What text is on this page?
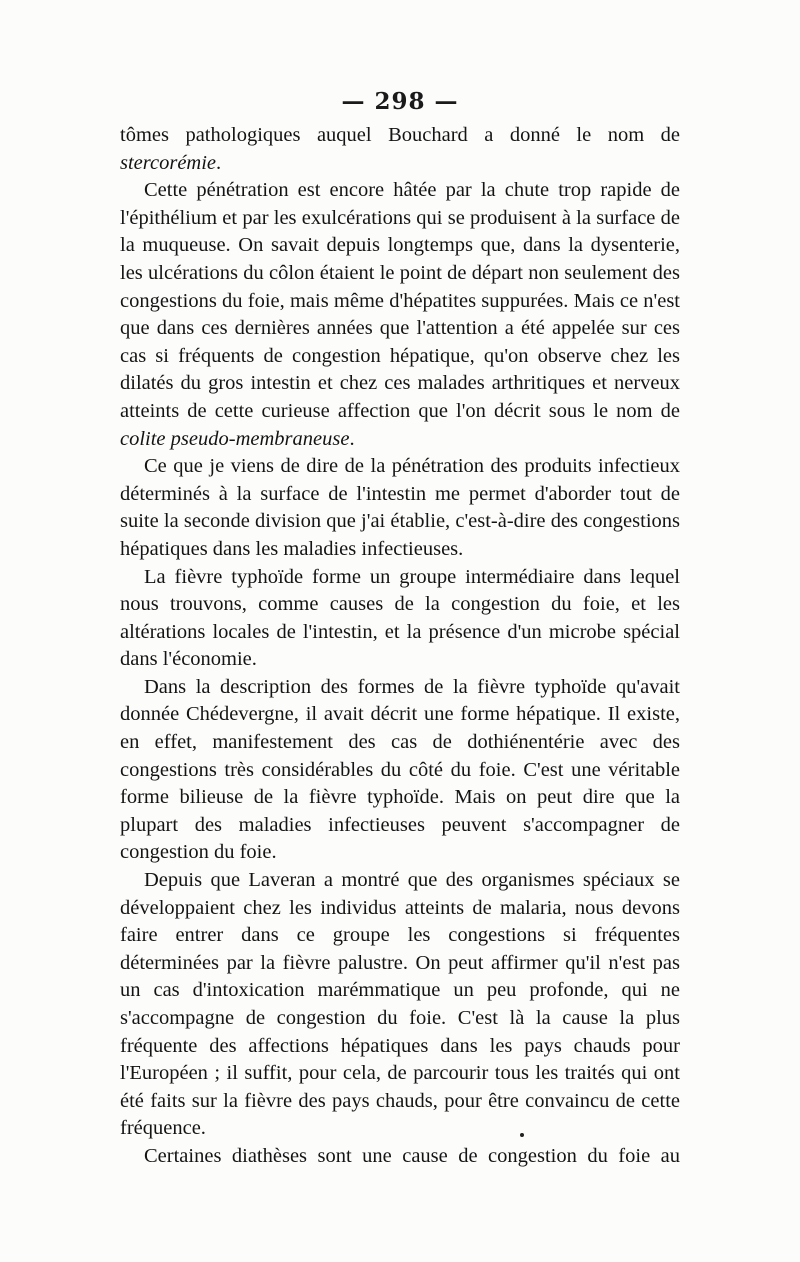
— 298 —

tômes pathologiques auquel Bouchard a donné le nom de stercorémie.

Cette pénétration est encore hâtée par la chute trop rapide de l'épithélium et par les exulcérations qui se produisent à la surface de la muqueuse. On savait depuis longtemps que, dans la dysenterie, les ulcérations du côlon étaient le point de départ non seulement des congestions du foie, mais même d'hépatites suppurées. Mais ce n'est que dans ces dernières années que l'attention a été appelée sur ces cas si fréquents de congestion hépatique, qu'on observe chez les dilatés du gros intestin et chez ces malades arthritiques et nerveux atteints de cette curieuse affection que l'on décrit sous le nom de colite pseudo-membraneuse.

Ce que je viens de dire de la pénétration des produits infectieux déterminés à la surface de l'intestin me permet d'aborder tout de suite la seconde division que j'ai établie, c'est-à-dire des congestions hépatiques dans les maladies infectieuses.

La fièvre typhoïde forme un groupe intermédiaire dans lequel nous trouvons, comme causes de la congestion du foie, et les altérations locales de l'intestin, et la présence d'un microbe spécial dans l'économie.

Dans la description des formes de la fièvre typhoïde qu'avait donnée Chédevergne, il avait décrit une forme hépatique. Il existe, en effet, manifestement des cas de dothiénentérie avec des congestions très considérables du côté du foie. C'est une véritable forme bilieuse de la fièvre typhoïde. Mais on peut dire que la plupart des maladies infectieuses peuvent s'accompagner de congestion du foie.

Depuis que Laveran a montré que des organismes spéciaux se développaient chez les individus atteints de malaria, nous devons faire entrer dans ce groupe les congestions si fréquentes déterminées par la fièvre palustre. On peut affirmer qu'il n'est pas un cas d'intoxication marémmatique un peu profonde, qui ne s'accompagne de congestion du foie. C'est là la cause la plus fréquente des affections hépatiques dans les pays chauds pour l'Européen ; il suffit, pour cela, de parcourir tous les traités qui ont été faits sur la fièvre des pays chauds, pour être convaincu de cette fréquence.

Certaines diathèses sont une cause de congestion du foie au
